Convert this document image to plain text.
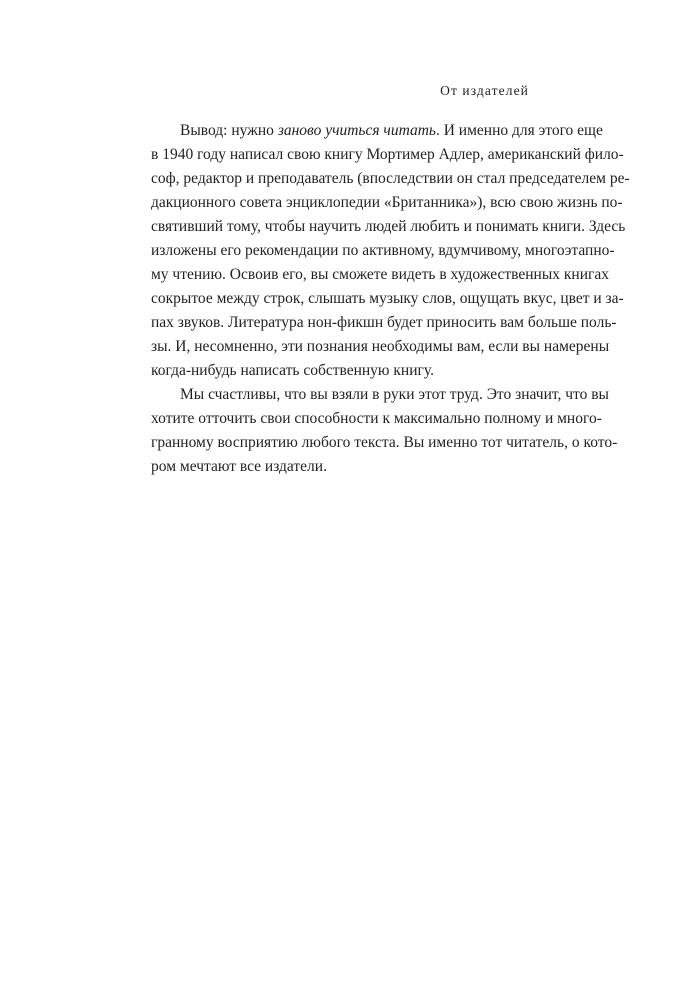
От издателей
Вывод: нужно заново учиться читать. И именно для этого еще
в 1940 году написал свою книгу Мортимер Адлер, американский фило-
соф, редактор и преподаватель (впоследствии он стал председателем ре-
дакционного совета энциклопедии «Британника»), всю свою жизнь по-
святивший тому, чтобы научить людей любить и понимать книги. Здесь
изложены его рекомендации по активному, вдумчивому, многоэтапно-
му чтению. Освоив его, вы сможете видеть в художественных книгах
сокрытое между строк, слышать музыку слов, ощущать вкус, цвет и за-
пах звуков. Литература нон-фикшн будет приносить вам больше поль-
зы. И, несомненно, эти познания необходимы вам, если вы намерены
когда-нибудь написать собственную книгу.
Мы счастливы, что вы взяли в руки этот труд. Это значит, что вы
хотите отточить свои способности к максимально полному и много-
гранному восприятию любого текста. Вы именно тот читатель, о кото-
ром мечтают все издатели.
